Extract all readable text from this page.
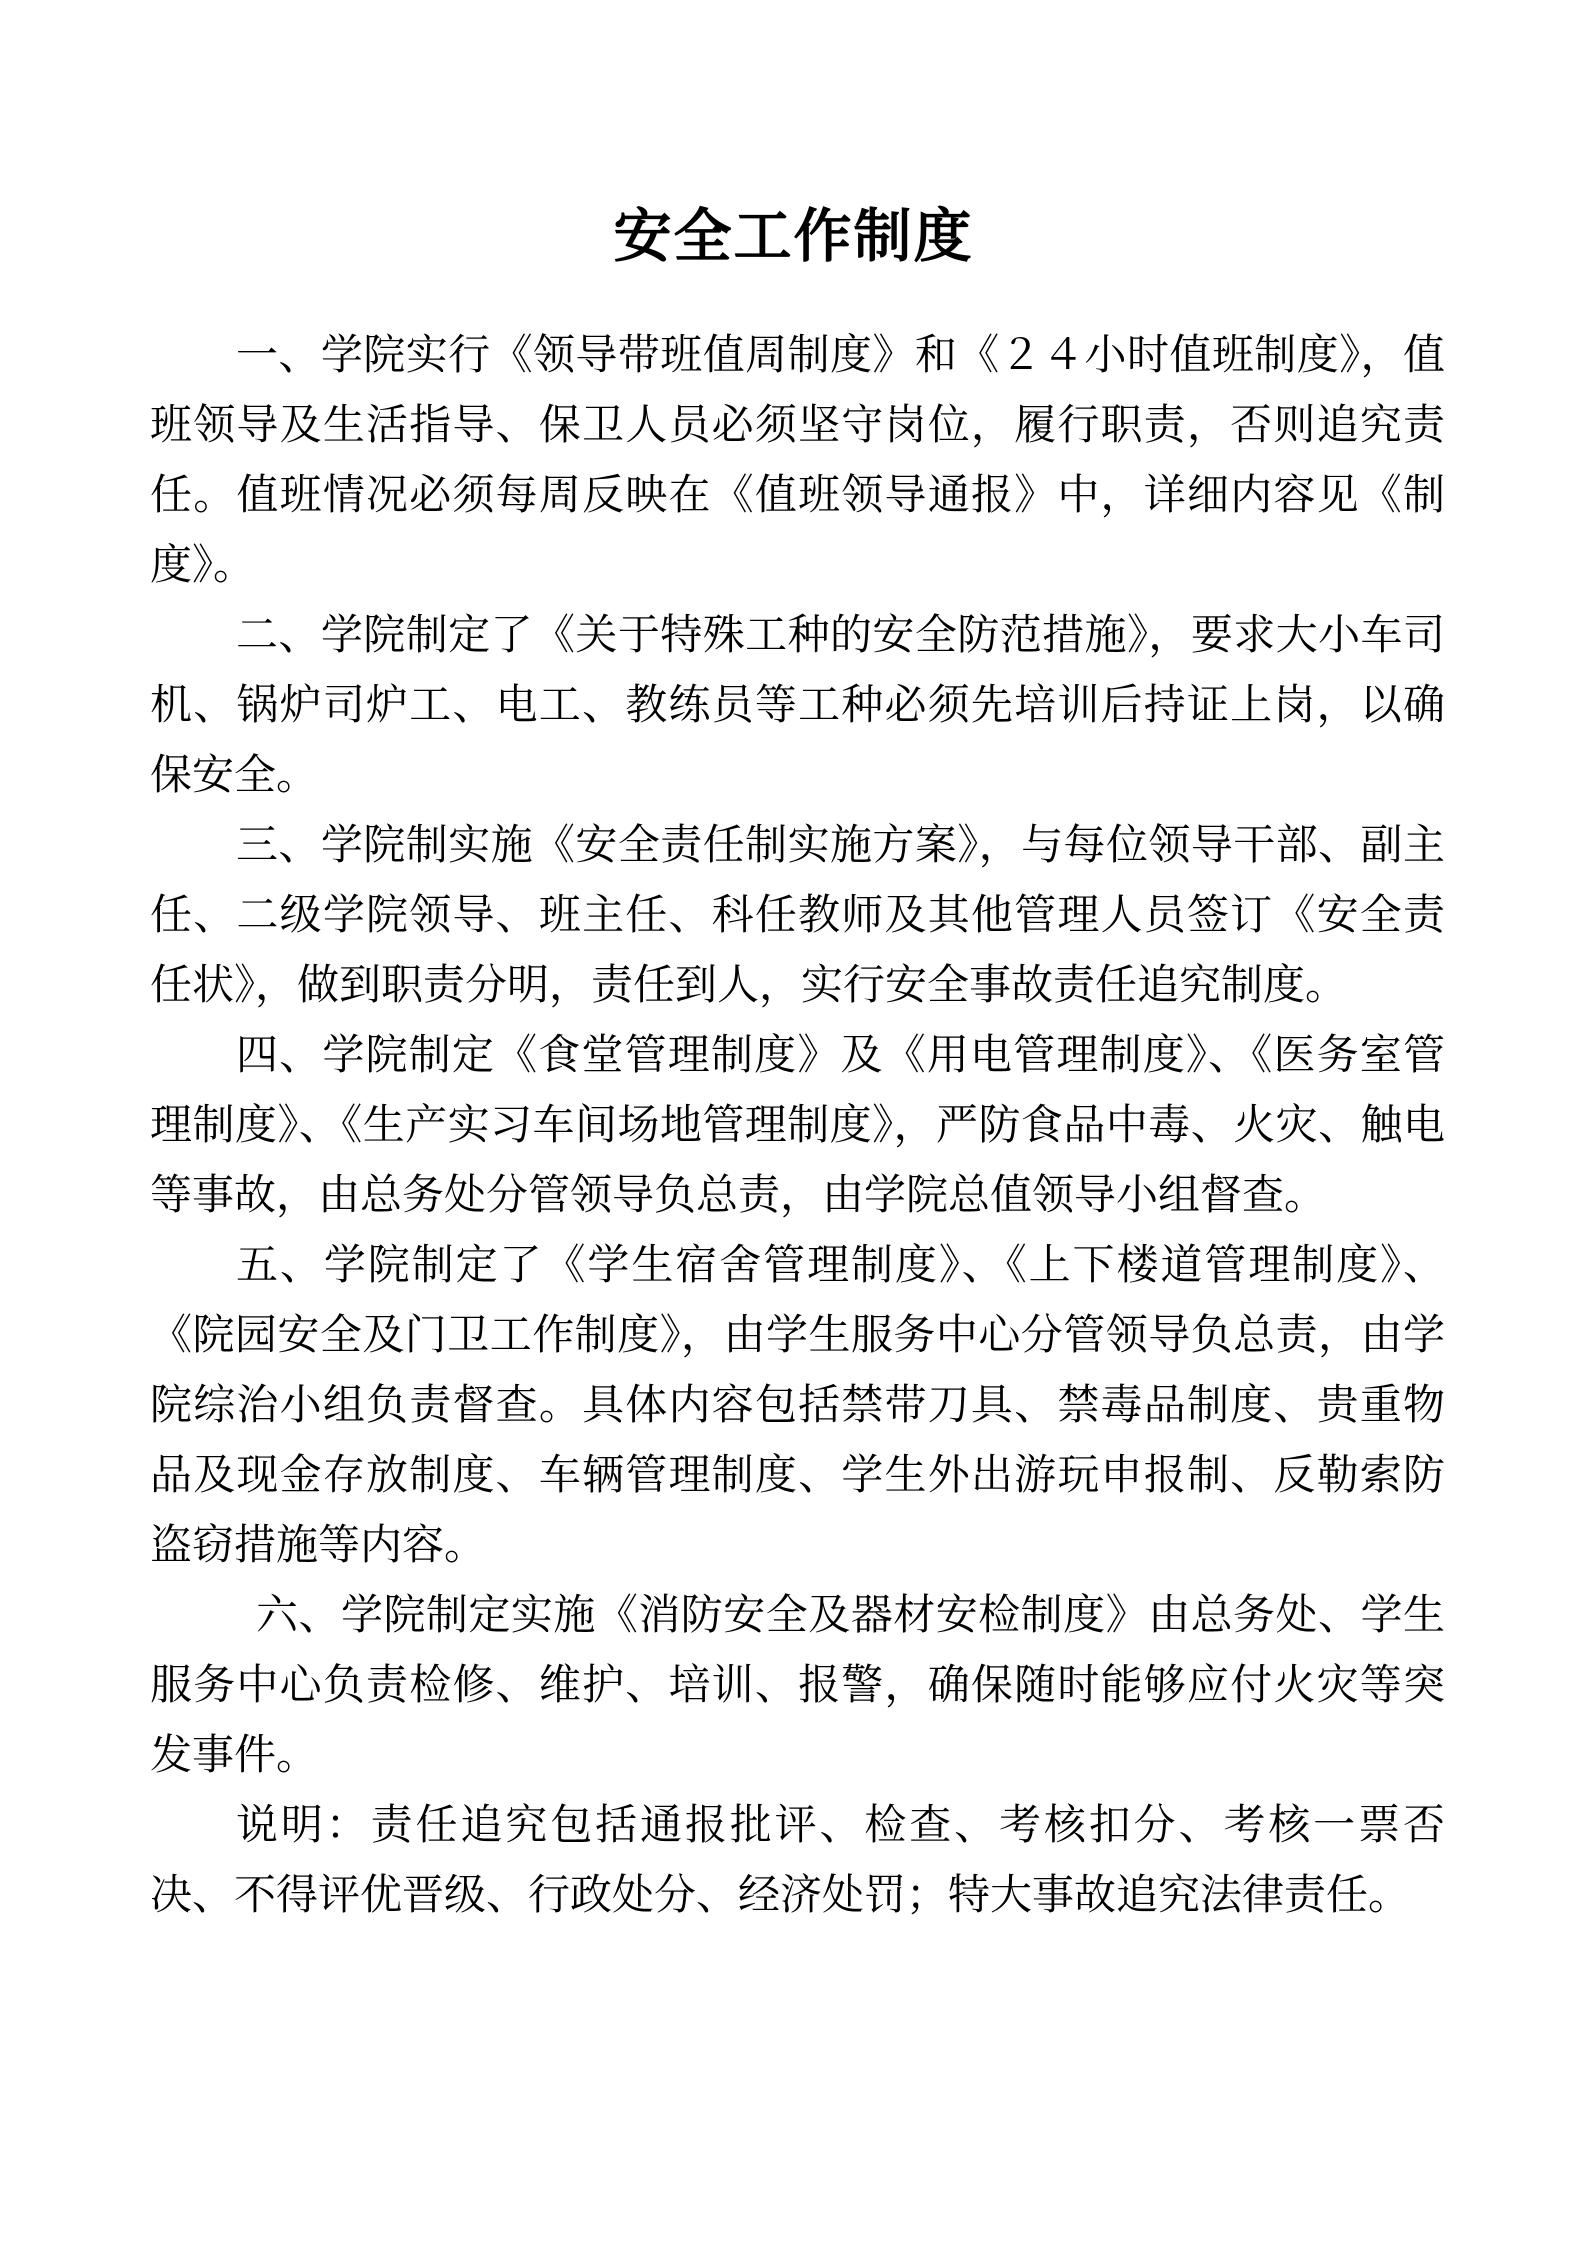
安全工作制度

一、学院实行《领导带班值周制度》和《２４小时值班制度》，值班领导及生活指导、保卫人员必须坚守岗位，履行职责，否则追究责任。值班情况必须每周反映在《值班领导通报》中，详细内容见《制度》。

二、学院制定了《关于特殊工种的安全防范措施》，要求大小车司机、锅炉司炉工、电工、教练员等工种必须先培训后持证上岗，以确保安全。

三、学院制实施《安全责任制实施方案》，与每位领导干部、副主任、二级学院领导、班主任、科任教师及其他管理人员签订《安全责任状》，做到职责分明，责任到人，实行安全事故责任追究制度。

四、学院制定《食堂管理制度》及《用电管理制度》、《医务室管理制度》、《生产实习车间场地管理制度》，严防食品中毒、火灾、触电等事故，由总务处分管领导负总责，由学院总值领导小组督查。

五、学院制定了《学生宿舍管理制度》、《上下楼道管理制度》、《院园安全及门卫工作制度》，由学生服务中心分管领导负总责，由学院综治小组负责督查。具体内容包括禁带刀具、禁毒品制度、贵重物品及现金存放制度、车辆管理制度、学生外出游玩申报制、反勒索防盗窃措施等内容。

六、学院制定实施《消防安全及器材安检制度》由总务处、学生服务中心负责检修、维护、培训、报警，确保随时能够应付火灾等突发事件。

说明：责任追究包括通报批评、检查、考核扣分、考核一票否决、不得评优晋级、行政处分、经济处罚；特大事故追究法律责任。
